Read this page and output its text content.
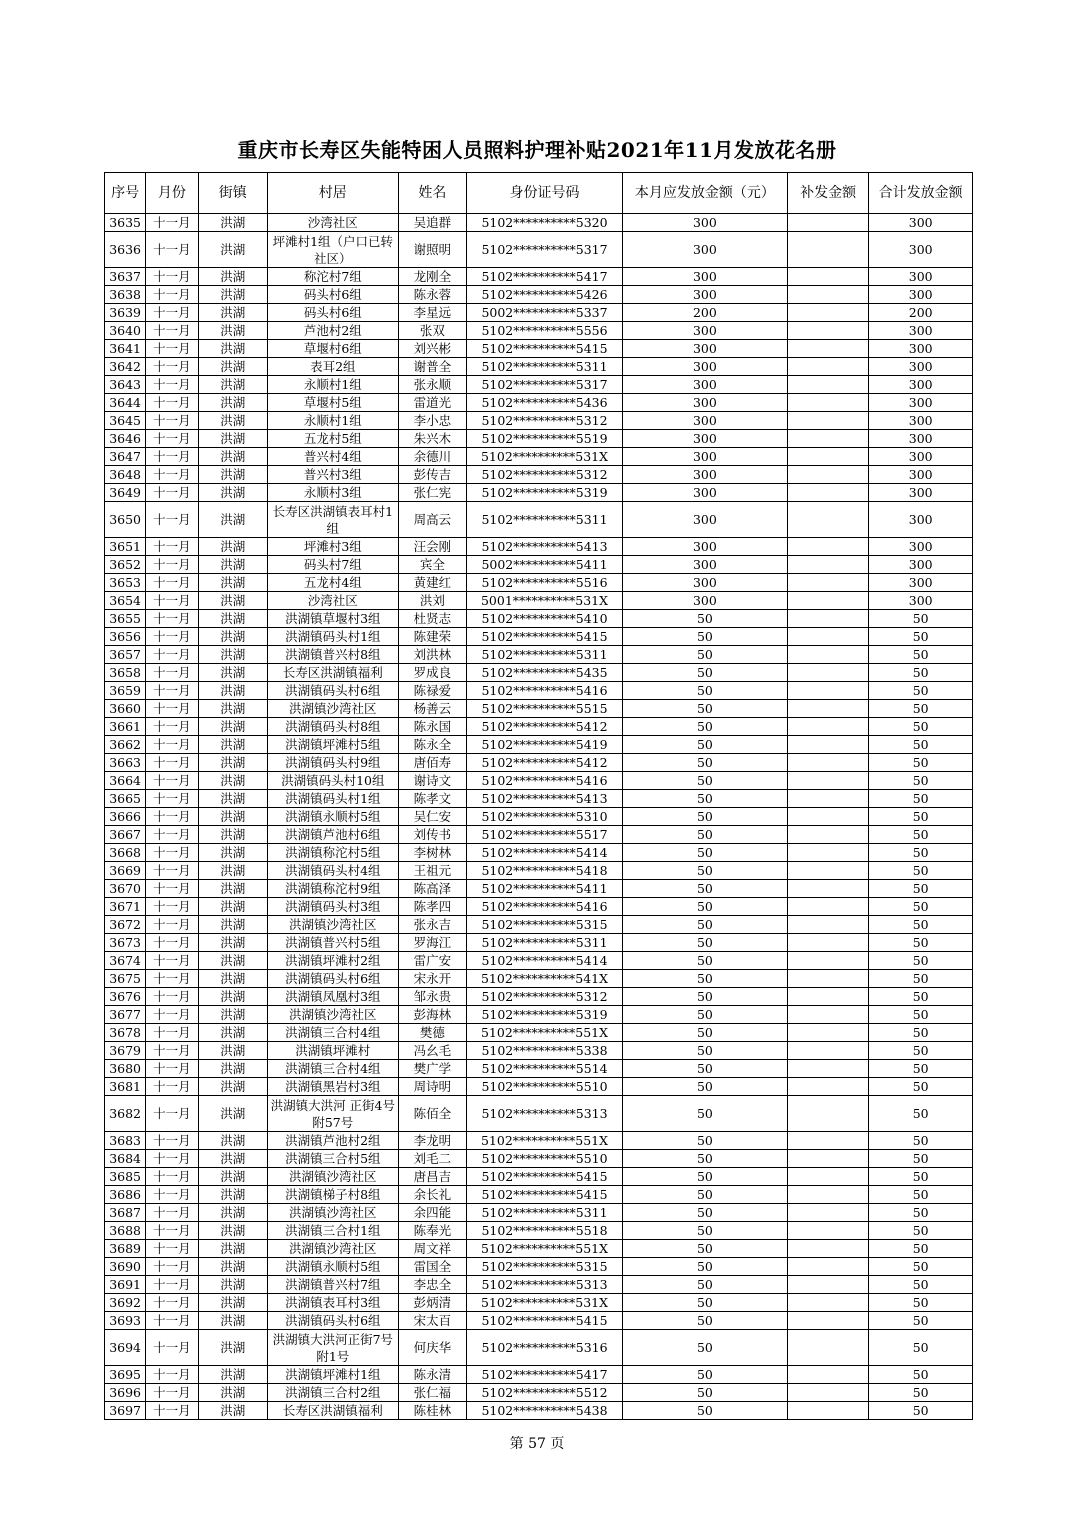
重庆市长寿区失能特困人员照料护理补贴2021年11月发放花名册
序号	月份	街镇	村居	姓名	身份证号码	本月应发放金额（元）	补发金额	合计发放金额
3635	十一月	洪湖	沙湾社区	吴追群	5102**********5320	300		300
3636	十一月	洪湖	坪滩村1组（户口已转社区）	谢照明	5102**********5317	300		300
3637	十一月	洪湖	称沱村7组	龙刚全	5102**********5417	300		300
3638	十一月	洪湖	码头村6组	陈永蓉	5102**********5426	300		300
3639	十一月	洪湖	码头村6组	李星远	5002**********5337	200		200
3640	十一月	洪湖	芦池村2组	张双	5102**********5556	300		300
3641	十一月	洪湖	草堰村6组	刘兴彬	5102**********5415	300		300
3642	十一月	洪湖	表耳2组	谢普全	5102**********5311	300		300
3643	十一月	洪湖	永顺村1组	张永顺	5102**********5317	300		300
3644	十一月	洪湖	草堰村5组	雷道光	5102**********5436	300		300
3645	十一月	洪湖	永顺村1组	李小忠	5102**********5312	300		300
3646	十一月	洪湖	五龙村5组	朱兴木	5102**********5519	300		300
3647	十一月	洪湖	普兴村4组	余德川	5102**********531X	300		300
3648	十一月	洪湖	普兴村3组	彭传吉	5102**********5312	300		300
3649	十一月	洪湖	永顺村3组	张仁宪	5102**********5319	300		300
3650	十一月	洪湖	长寿区洪湖镇表耳村1组	周高云	5102**********5311	300		300
3651	十一月	洪湖	坪滩村3组	汪会刚	5102**********5413	300		300
3652	十一月	洪湖	码头村7组	宾全	5002**********5411	300		300
3653	十一月	洪湖	五龙村4组	黄建红	5102**********5516	300		300
3654	十一月	洪湖	沙湾社区	洪刘	5001**********531X	300		300
3655	十一月	洪湖	洪湖镇草堰村3组	杜贤志	5102**********5410	50		50
3656	十一月	洪湖	洪湖镇码头村1组	陈建荣	5102**********5415	50		50
3657	十一月	洪湖	洪湖镇普兴村8组	刘洪林	5102**********5311	50		50
3658	十一月	洪湖	长寿区洪湖镇福利	罗成良	5102**********5435	50		50
3659	十一月	洪湖	洪湖镇码头村6组	陈禄爱	5102**********5416	50		50
3660	十一月	洪湖	洪湖镇沙湾社区	杨善云	5102**********5515	50		50
3661	十一月	洪湖	洪湖镇码头村8组	陈永国	5102**********5412	50		50
3662	十一月	洪湖	洪湖镇坪滩村5组	陈永全	5102**********5419	50		50
3663	十一月	洪湖	洪湖镇码头村9组	唐佰寿	5102**********5412	50		50
3664	十一月	洪湖	洪湖镇码头村10组	谢诗文	5102**********5416	50		50
3665	十一月	洪湖	洪湖镇码头村1组	陈孝文	5102**********5413	50		50
3666	十一月	洪湖	洪湖镇永顺村5组	吴仁安	5102**********5310	50		50
3667	十一月	洪湖	洪湖镇芦池村6组	刘传书	5102**********5517	50		50
3668	十一月	洪湖	洪湖镇称沱村5组	李树林	5102**********5414	50		50
3669	十一月	洪湖	洪湖镇码头村4组	王祖元	5102**********5418	50		50
3670	十一月	洪湖	洪湖镇称沱村9组	陈高泽	5102**********5411	50		50
3671	十一月	洪湖	洪湖镇码头村3组	陈孝四	5102**********5416	50		50
3672	十一月	洪湖	洪湖镇沙湾社区	张永吉	5102**********5315	50		50
3673	十一月	洪湖	洪湖镇普兴村5组	罗海江	5102**********5311	50		50
3674	十一月	洪湖	洪湖镇坪滩村2组	雷广安	5102**********5414	50		50
3675	十一月	洪湖	洪湖镇码头村6组	宋永开	5102**********541X	50		50
3676	十一月	洪湖	洪湖镇凤凰村3组	邹永贵	5102**********5312	50		50
3677	十一月	洪湖	洪湖镇沙湾社区	彭海林	5102**********5319	50		50
3678	十一月	洪湖	洪湖镇三合村4组	樊德	5102**********551X	50		50
3679	十一月	洪湖	洪湖镇坪滩村	冯幺毛	5102**********5338	50		50
3680	十一月	洪湖	洪湖镇三合村4组	樊广学	5102**********5514	50		50
3681	十一月	洪湖	洪湖镇黑岩村3组	周诗明	5102**********5510	50		50
3682	十一月	洪湖	洪湖镇大洪河 正街4号附57号	陈佰全	5102**********5313	50		50
3683	十一月	洪湖	洪湖镇芦池村2组	李龙明	5102**********551X	50		50
3684	十一月	洪湖	洪湖镇三合村5组	刘毛二	5102**********5510	50		50
3685	十一月	洪湖	洪湖镇沙湾社区	唐昌吉	5102**********5415	50		50
3686	十一月	洪湖	洪湖镇梯子村8组	余长礼	5102**********5415	50		50
3687	十一月	洪湖	洪湖镇沙湾社区	余四能	5102**********5311	50		50
3688	十一月	洪湖	洪湖镇三合村1组	陈奉光	5102**********5518	50		50
3689	十一月	洪湖	洪湖镇沙湾社区	周文祥	5102**********551X	50		50
3690	十一月	洪湖	洪湖镇永顺村5组	雷国全	5102**********5315	50		50
3691	十一月	洪湖	洪湖镇普兴村7组	李忠全	5102**********5313	50		50
3692	十一月	洪湖	洪湖镇表耳村3组	彭炳清	5102**********531X	50		50
3693	十一月	洪湖	洪湖镇码头村6组	宋太百	5102**********5415	50		50
3694	十一月	洪湖	洪湖镇大洪河正街7号附1号	何庆华	5102**********5316	50		50
3695	十一月	洪湖	洪湖镇坪滩村1组	陈永清	5102**********5417	50		50
3696	十一月	洪湖	洪湖镇三合村2组	张仁福	5102**********5512	50		50
3697	十一月	洪湖	长寿区洪湖镇福利	陈桂林	5102**********5438	50		50
第 57 页
